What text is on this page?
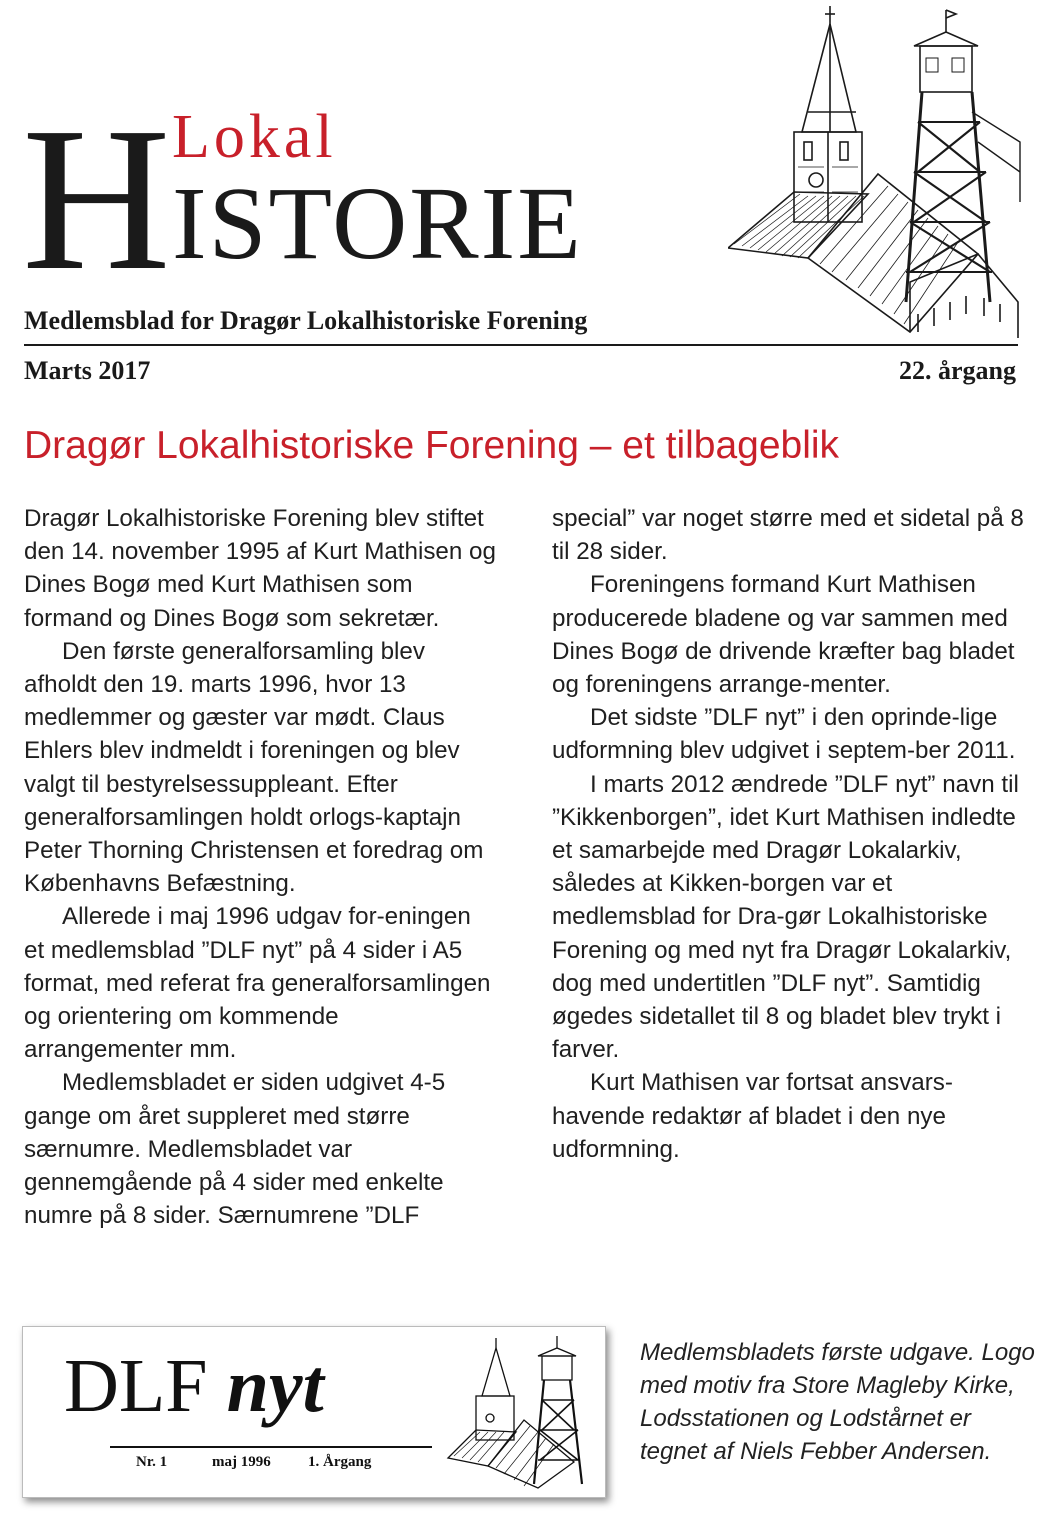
H Lokal
ISTORIE
Medlemsblad for Dragør Lokalhistoriske Forening
Marts 2017	22. årgang
Dragør Lokalhistoriske Forening – et tilbageblik

Dragør Lokalhistoriske Forening blev stiftet den 14. november 1995 af Kurt Mathisen og Dines Bogø med Kurt Mathisen som formand og Dines Bogø som sekretær.

Den første generalforsamling blev afholdt den 19. marts 1996, hvor 13 medlemmer og gæster var mødt. Claus Ehlers blev indmeldt i foreningen og blev valgt til bestyrelsessuppleant. Efter generalforsamlingen holdt orlogs-kaptajn Peter Thorning Christensen et foredrag om Københavns Befæstning.

Allerede i maj 1996 udgav for-eningen et medlemsblad ”DLF nyt” på 4 sider i A5 format, med referat fra generalforsamlingen og orientering om kommende arrangementer mm.

Medlemsbladet er siden udgivet 4-5 gange om året suppleret med større særnumre. Medlemsbladet var gennemgående på 4 sider med enkelte numre på 8 sider. Særnumrene ”DLF

special” var noget større med et sidetal på 8 til 28 sider.

Foreningens formand Kurt Mathisen producerede bladene og var sammen med Dines Bogø de drivende kræfter bag bladet og foreningens arrange-menter.

Det sidste ”DLF nyt” i den oprinde-lige udformning blev udgivet i septem-ber 2011.

I marts 2012 ændrede ”DLF nyt” navn til ”Kikkenborgen”, idet Kurt Mathisen indledte et samarbejde med Dragør Lokalarkiv, således at Kikken-borgen var et medlemsblad for Dra-gør Lokalhistoriske Forening og med nyt fra Dragør Lokalarkiv, dog med undertitlen ”DLF nyt”. Samtidig øgedes sidetallet til 8 og bladet blev trykt i farver.

Kurt Mathisen var fortsat ansvars-havende redaktør af bladet i den nye udformning.

DLF nyt
Nr. 1	maj 1996 1. Årgang
Medlemsbladets første udgave. Logo med motiv fra Store Magleby Kirke, Lodsstationen og Lodstårnet er tegnet af Niels Febber Andersen.
